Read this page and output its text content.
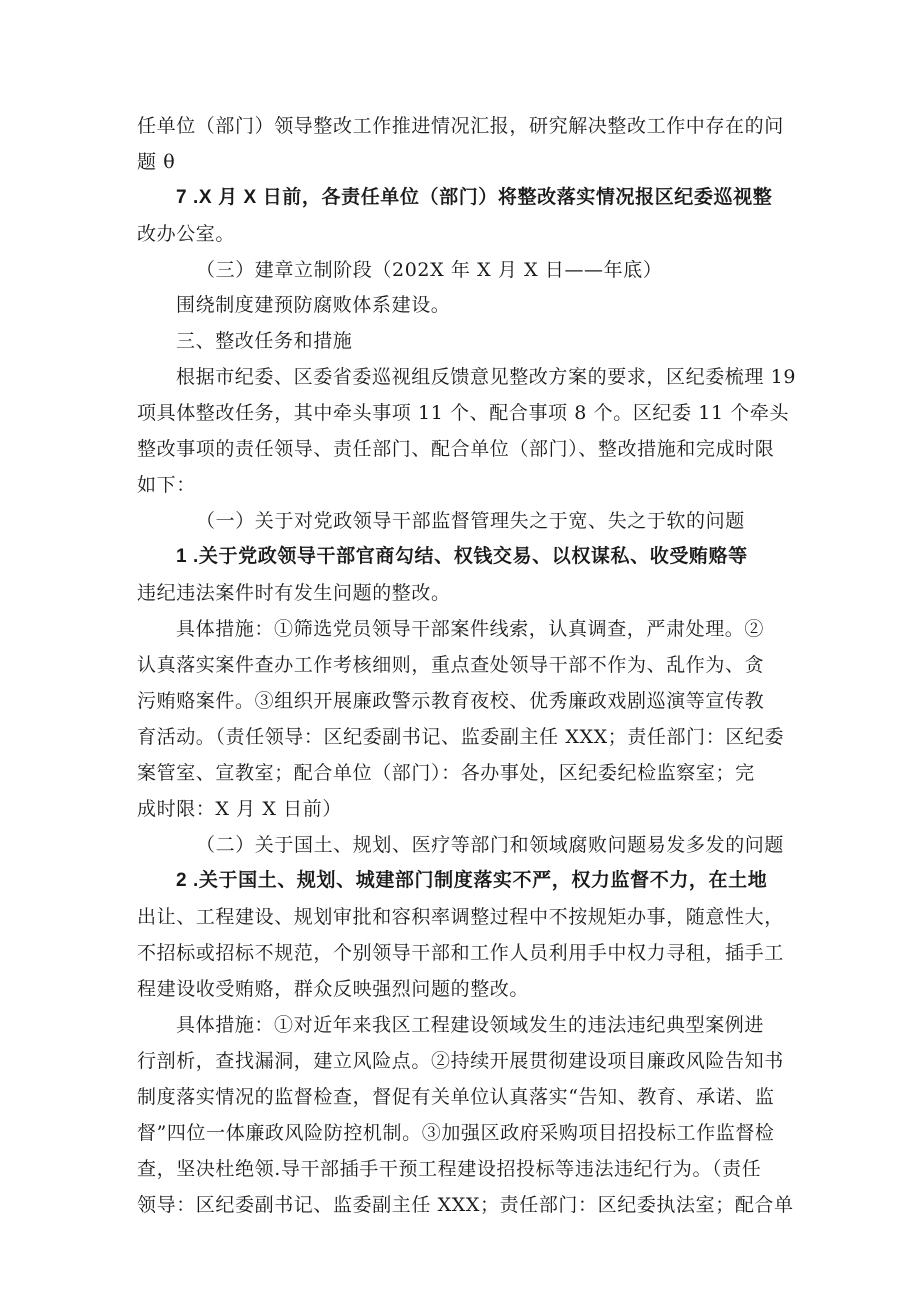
任单位（部门）领导整改工作推进情况汇报，研究解决整改工作中存在的问
题 θ
7 .X 月 X 日前，各责任单位（部门）将整改落实情况报区纪委巡视整
改办公室。
（三）建章立制阶段（202X 年 X 月 X 日——年底）
围绕制度建预防腐败体系建设。
三、整改任务和措施
根据市纪委、区委省委巡视组反馈意见整改方案的要求，区纪委梳理 19
项具体整改任务，其中牵头事项 11 个、配合事项 8 个。区纪委 11 个牵头
整改事项的责任领导、责任部门、配合单位（部门）、整改措施和完成时限
如下：
（一）关于对党政领导干部监督管理失之于宽、失之于软的问题
1 .关于党政领导干部官商勾结、权钱交易、以权谋私、收受贿赂等
违纪违法案件时有发生问题的整改。
具体措施：①筛选党员领导干部案件线索，认真调查，严肃处理。②
认真落实案件查办工作考核细则，重点查处领导干部不作为、乱作为、贪
污贿赂案件。③组织开展廉政警示教育夜校、优秀廉政戏剧巡演等宣传教
育活动。（责任领导：区纪委副书记、监委副主任 XXX；责任部门：区纪委
案管室、宣教室；配合单位（部门）：各办事处，区纪委纪检监察室；完
成时限：X 月 X 日前）
（二）关于国土、规划、医疗等部门和领域腐败问题易发多发的问题
2 .关于国土、规划、城建部门制度落实不严，权力监督不力，在土地
出让、工程建设、规划审批和容积率调整过程中不按规矩办事，随意性大，
不招标或招标不规范，个别领导干部和工作人员利用手中权力寻租，插手工
程建设收受贿赂，群众反映强烈问题的整改。
具体措施：①对近年来我区工程建设领域发生的违法违纪典型案例进
行剖析，查找漏洞，建立风险点。②持续开展贯彻建设项目廉政风险告知书
制度落实情况的监督检查，督促有关单位认真落实“告知、教育、承诺、监
督”四位一体廉政风险防控机制。③加强区政府采购项目招投标工作监督检
查，坚决杜绝领.导干部插手干预工程建设招投标等违法违纪行为。（责任
领导：区纪委副书记、监委副主任 XXX；责任部门：区纪委执法室；配合单
